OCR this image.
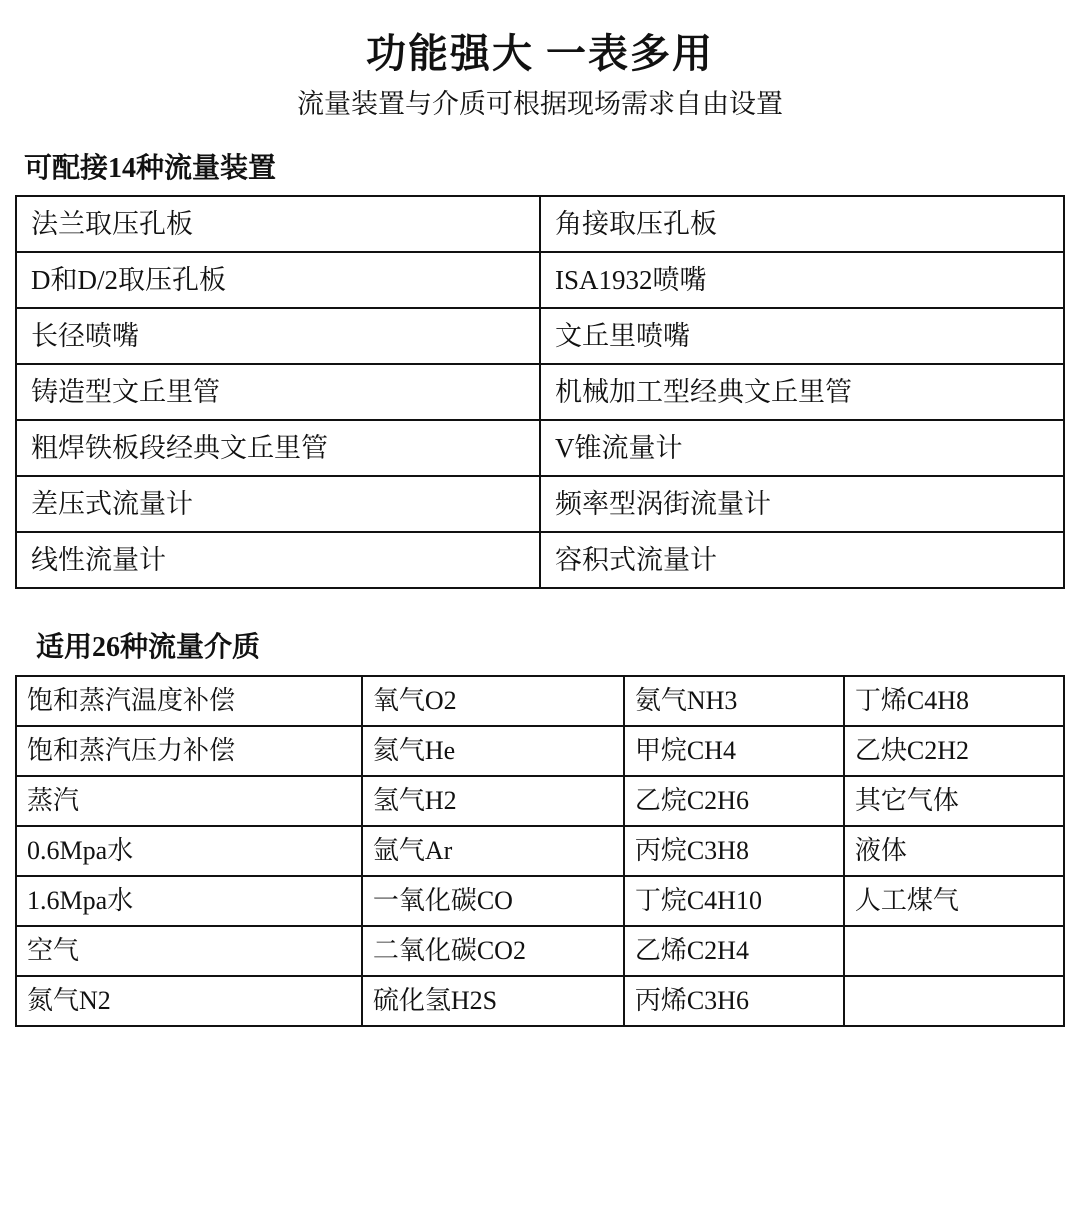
功能强大 一表多用

流量装置与介质可根据现场需求自由设置

可配接14种流量装置
法兰取压孔板	角接取压孔板
D和D/2取压孔板	ISA1932喷嘴
长径喷嘴	文丘里喷嘴
铸造型文丘里管	机械加工型经典文丘里管
粗焊铁板段经典文丘里管	V锥流量计
差压式流量计	频率型涡街流量计
线性流量计	容积式流量计
适用26种流量介质
饱和蒸汽温度补偿	氧气O2	氨气NH3	丁烯C4H8
饱和蒸汽压力补偿	氦气He	甲烷CH4	乙炔C2H2
蒸汽	氢气H2	乙烷C2H6	其它气体
0.6Mpa水	氩气Ar	丙烷C3H8	液体
1.6Mpa水	一氧化碳CO	丁烷C4H10	人工煤气
空气	二氧化碳CO2	乙烯C2H4	
氮气N2	硫化氢H2S	丙烯C3H6	
